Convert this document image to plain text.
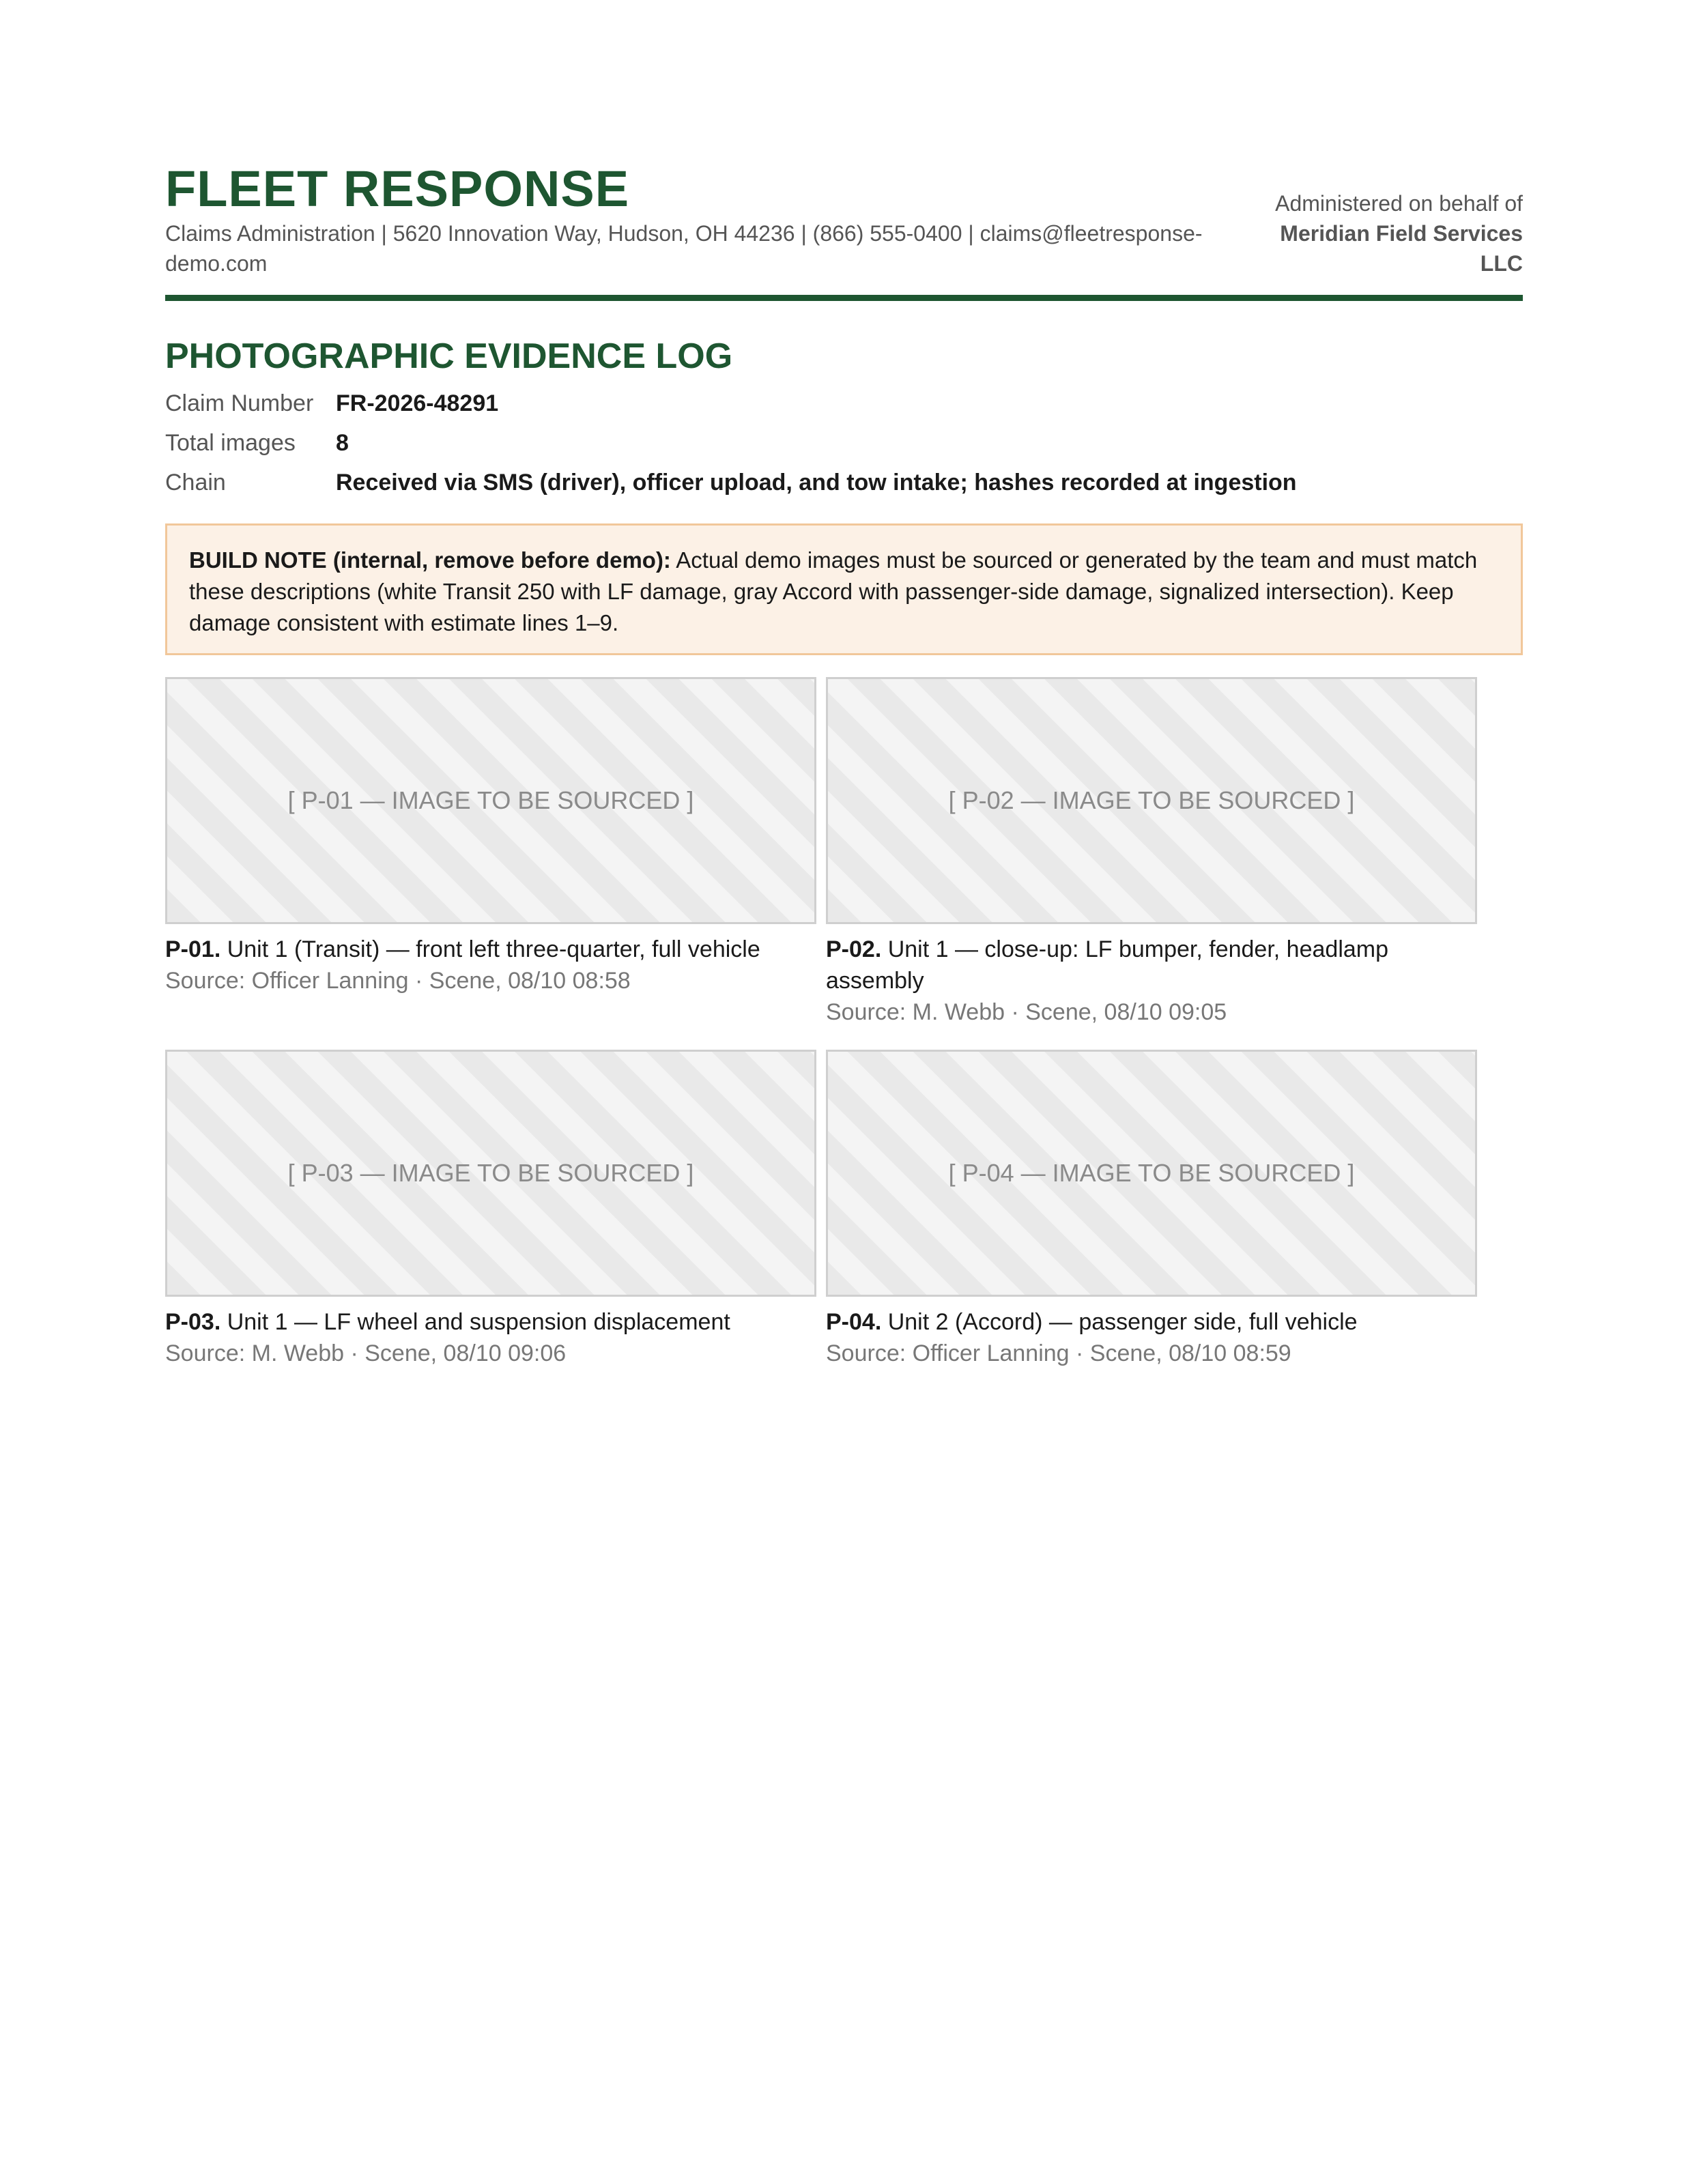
FLEET RESPONSE
Claims Administration | 5620 Innovation Way, Hudson, OH 44236 | (866) 555-0400 | claims@fleetresponse-demo.com
Administered on behalf of
Meridian Field Services LLC
PHOTOGRAPHIC EVIDENCE LOG
Claim Number FR-2026-48291
Total images	8
Chain	Received via SMS (driver), officer upload, and tow intake; hashes recorded at ingestion
BUILD NOTE (internal, remove before demo): Actual demo images must be sourced or generated by the team and must match these descriptions (white Transit 250 with LF damage, gray Accord with passenger-side damage, signalized intersection). Keep damage consistent with estimate lines 1–9.
[ P-01 — IMAGE TO BE SOURCED ]
P-01. Unit 1 (Transit) — front left three-quarter, full vehicle
Source: Officer Lanning · Scene, 08/10 08:58
[ P-02 — IMAGE TO BE SOURCED ]
P-02. Unit 1 — close-up: LF bumper, fender, headlamp assembly
Source: M. Webb · Scene, 08/10 09:05
[ P-03 — IMAGE TO BE SOURCED ]
P-03. Unit 1 — LF wheel and suspension displacement
Source: M. Webb · Scene, 08/10 09:06
[ P-04 — IMAGE TO BE SOURCED ]
P-04. Unit 2 (Accord) — passenger side, full vehicle
Source: Officer Lanning · Scene, 08/10 08:59
